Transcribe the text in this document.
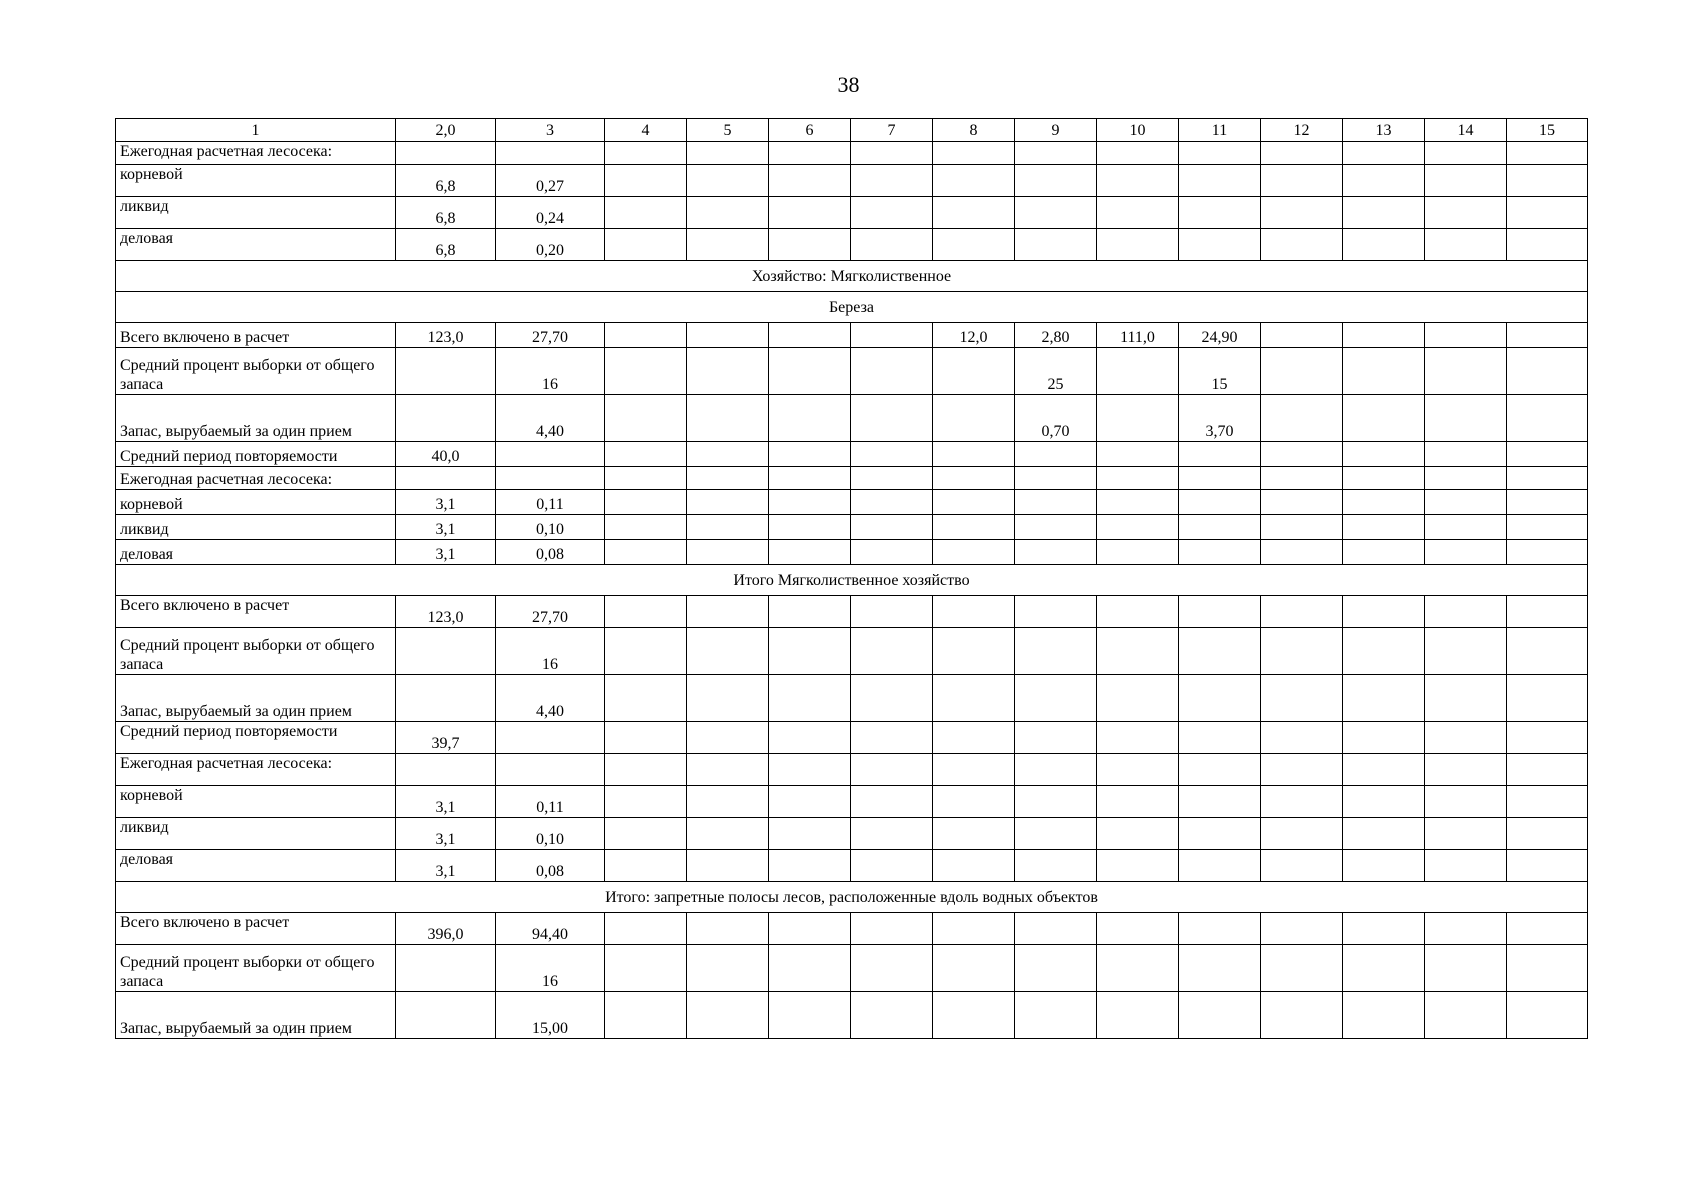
38
1	2,0	3	4	5	6	7	8	9	10	11	12	13	14	15
Ежегодная расчетная лесосека:														
корневой	6,8	0,27												
ликвид	6,8	0,24												
деловая	6,8	0,20												
Хозяйство: Мягколиственное														
Береза														
Всего включено в расчет	123,0	27,70					12,0	2,80	111,0	24,90				
Средний процент выборки от общего запаса		16						25		15				
Запас, вырубаемый за один прием		4,40						0,70		3,70				
Средний период повторяемости	40,0													
Ежегодная расчетная лесосека:														
корневой	3,1	0,11												
ликвид	3,1	0,10												
деловая	3,1	0,08												
Итого Мягколиственное хозяйство														
Всего включено в расчет	123,0	27,70												
Средний процент выборки от общего запаса		16												
Запас, вырубаемый за один прием		4,40												
Средний период повторяемости	39,7													
Ежегодная расчетная лесосека:														
корневой	3,1	0,11												
ликвид	3,1	0,10												
деловая	3,1	0,08												
Итого: запретные полосы лесов, расположенные вдоль водных объектов														
Всего включено в расчет	396,0	94,40												
Средний процент выборки от общего запаса		16												
Запас, вырубаемый за один прием		15,00												
